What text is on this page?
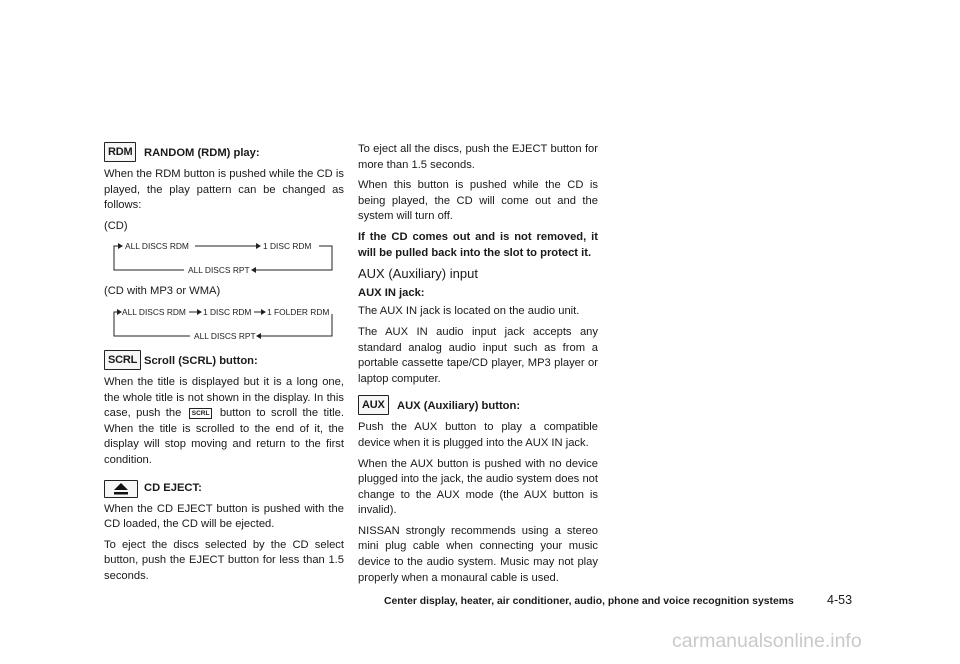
RDM	RANDOM (RDM) play:

When the RDM button is pushed while the CD is played, the play pattern can be changed as follows:

(CD)

ALL DISCS RDM	1 DISC RDM
ALL DISCS RPT

(CD with MP3 or WMA)

ALL DISCS RDM 1 DISC RDM 1 FOLDER RDM
ALL DISCS RPT
SCRL Scroll (SCRL) button:

When the title is displayed but it is a long one, the whole title is not shown in the display. In this case, push the SCRL button to scroll the title. When the title is scrolled to the end of it, the display will stop moving and return to the first condition.

CD EJECT:

When the CD EJECT button is pushed with the CD loaded, the CD will be ejected.

To eject the discs selected by the CD select button, push the EJECT button for less than 1.5 seconds.

To eject all the discs, push the EJECT button for more than 1.5 seconds.

When this button is pushed while the CD is being played, the CD will come out and the system will turn off.

If the CD comes out and is not removed, it will be pulled back into the slot to protect it.

AUX (Auxiliary) input

AUX IN jack:

The AUX IN jack is located on the audio unit.

The AUX IN audio input jack accepts any standard analog audio input such as from a portable cassette tape/CD player, MP3 player or laptop computer.

AUX	AUX (Auxiliary) button:

Push the AUX button to play a compatible device when it is plugged into the AUX IN jack.

When the AUX button is pushed with no device plugged into the jack, the audio system does not change to the AUX mode (the AUX button is invalid).

NISSAN strongly recommends using a stereo mini plug cable when connecting your music device to the audio system. Music may not play properly when a monaural cable is used.

Center display, heater, air conditioner, audio, phone and voice recognition systems	4-53
carmanualsonline.info
